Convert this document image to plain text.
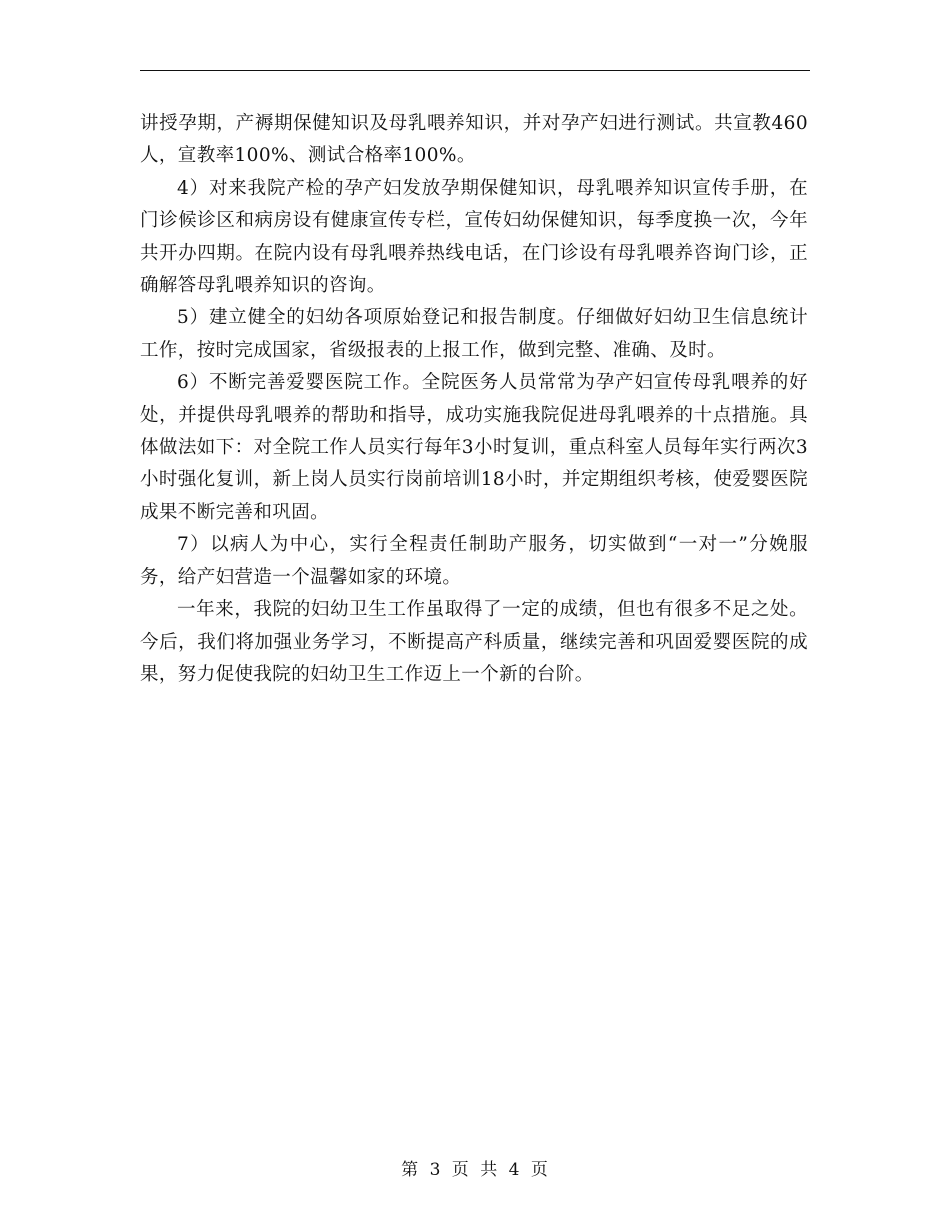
讲授孕期，产褥期保健知识及母乳喂养知识，并对孕产妇进行测试。共宣教460人，宣教率100%、测试合格率100%。

4）对来我院产检的孕产妇发放孕期保健知识，母乳喂养知识宣传手册，在门诊候诊区和病房设有健康宣传专栏，宣传妇幼保健知识，每季度换一次，今年共开办四期。在院内设有母乳喂养热线电话，在门诊设有母乳喂养咨询门诊，正确解答母乳喂养知识的咨询。

5）建立健全的妇幼各项原始登记和报告制度。仔细做好妇幼卫生信息统计工作，按时完成国家，省级报表的上报工作，做到完整、准确、及时。

6）不断完善爱婴医院工作。全院医务人员常常为孕产妇宣传母乳喂养的好处，并提供母乳喂养的帮助和指导，成功实施我院促进母乳喂养的十点措施。具体做法如下：对全院工作人员实行每年3小时复训，重点科室人员每年实行两次3小时强化复训，新上岗人员实行岗前培训18小时，并定期组织考核，使爱婴医院成果不断完善和巩固。

7）以病人为中心，实行全程责任制助产服务，切实做到“一对一”分娩服务，给产妇营造一个温馨如家的环境。

一年来，我院的妇幼卫生工作虽取得了一定的成绩，但也有很多不足之处。今后，我们将加强业务学习，不断提高产科质量，继续完善和巩固爱婴医院的成果，努力促使我院的妇幼卫生工作迈上一个新的台阶。

第 3 页 共 4 页
